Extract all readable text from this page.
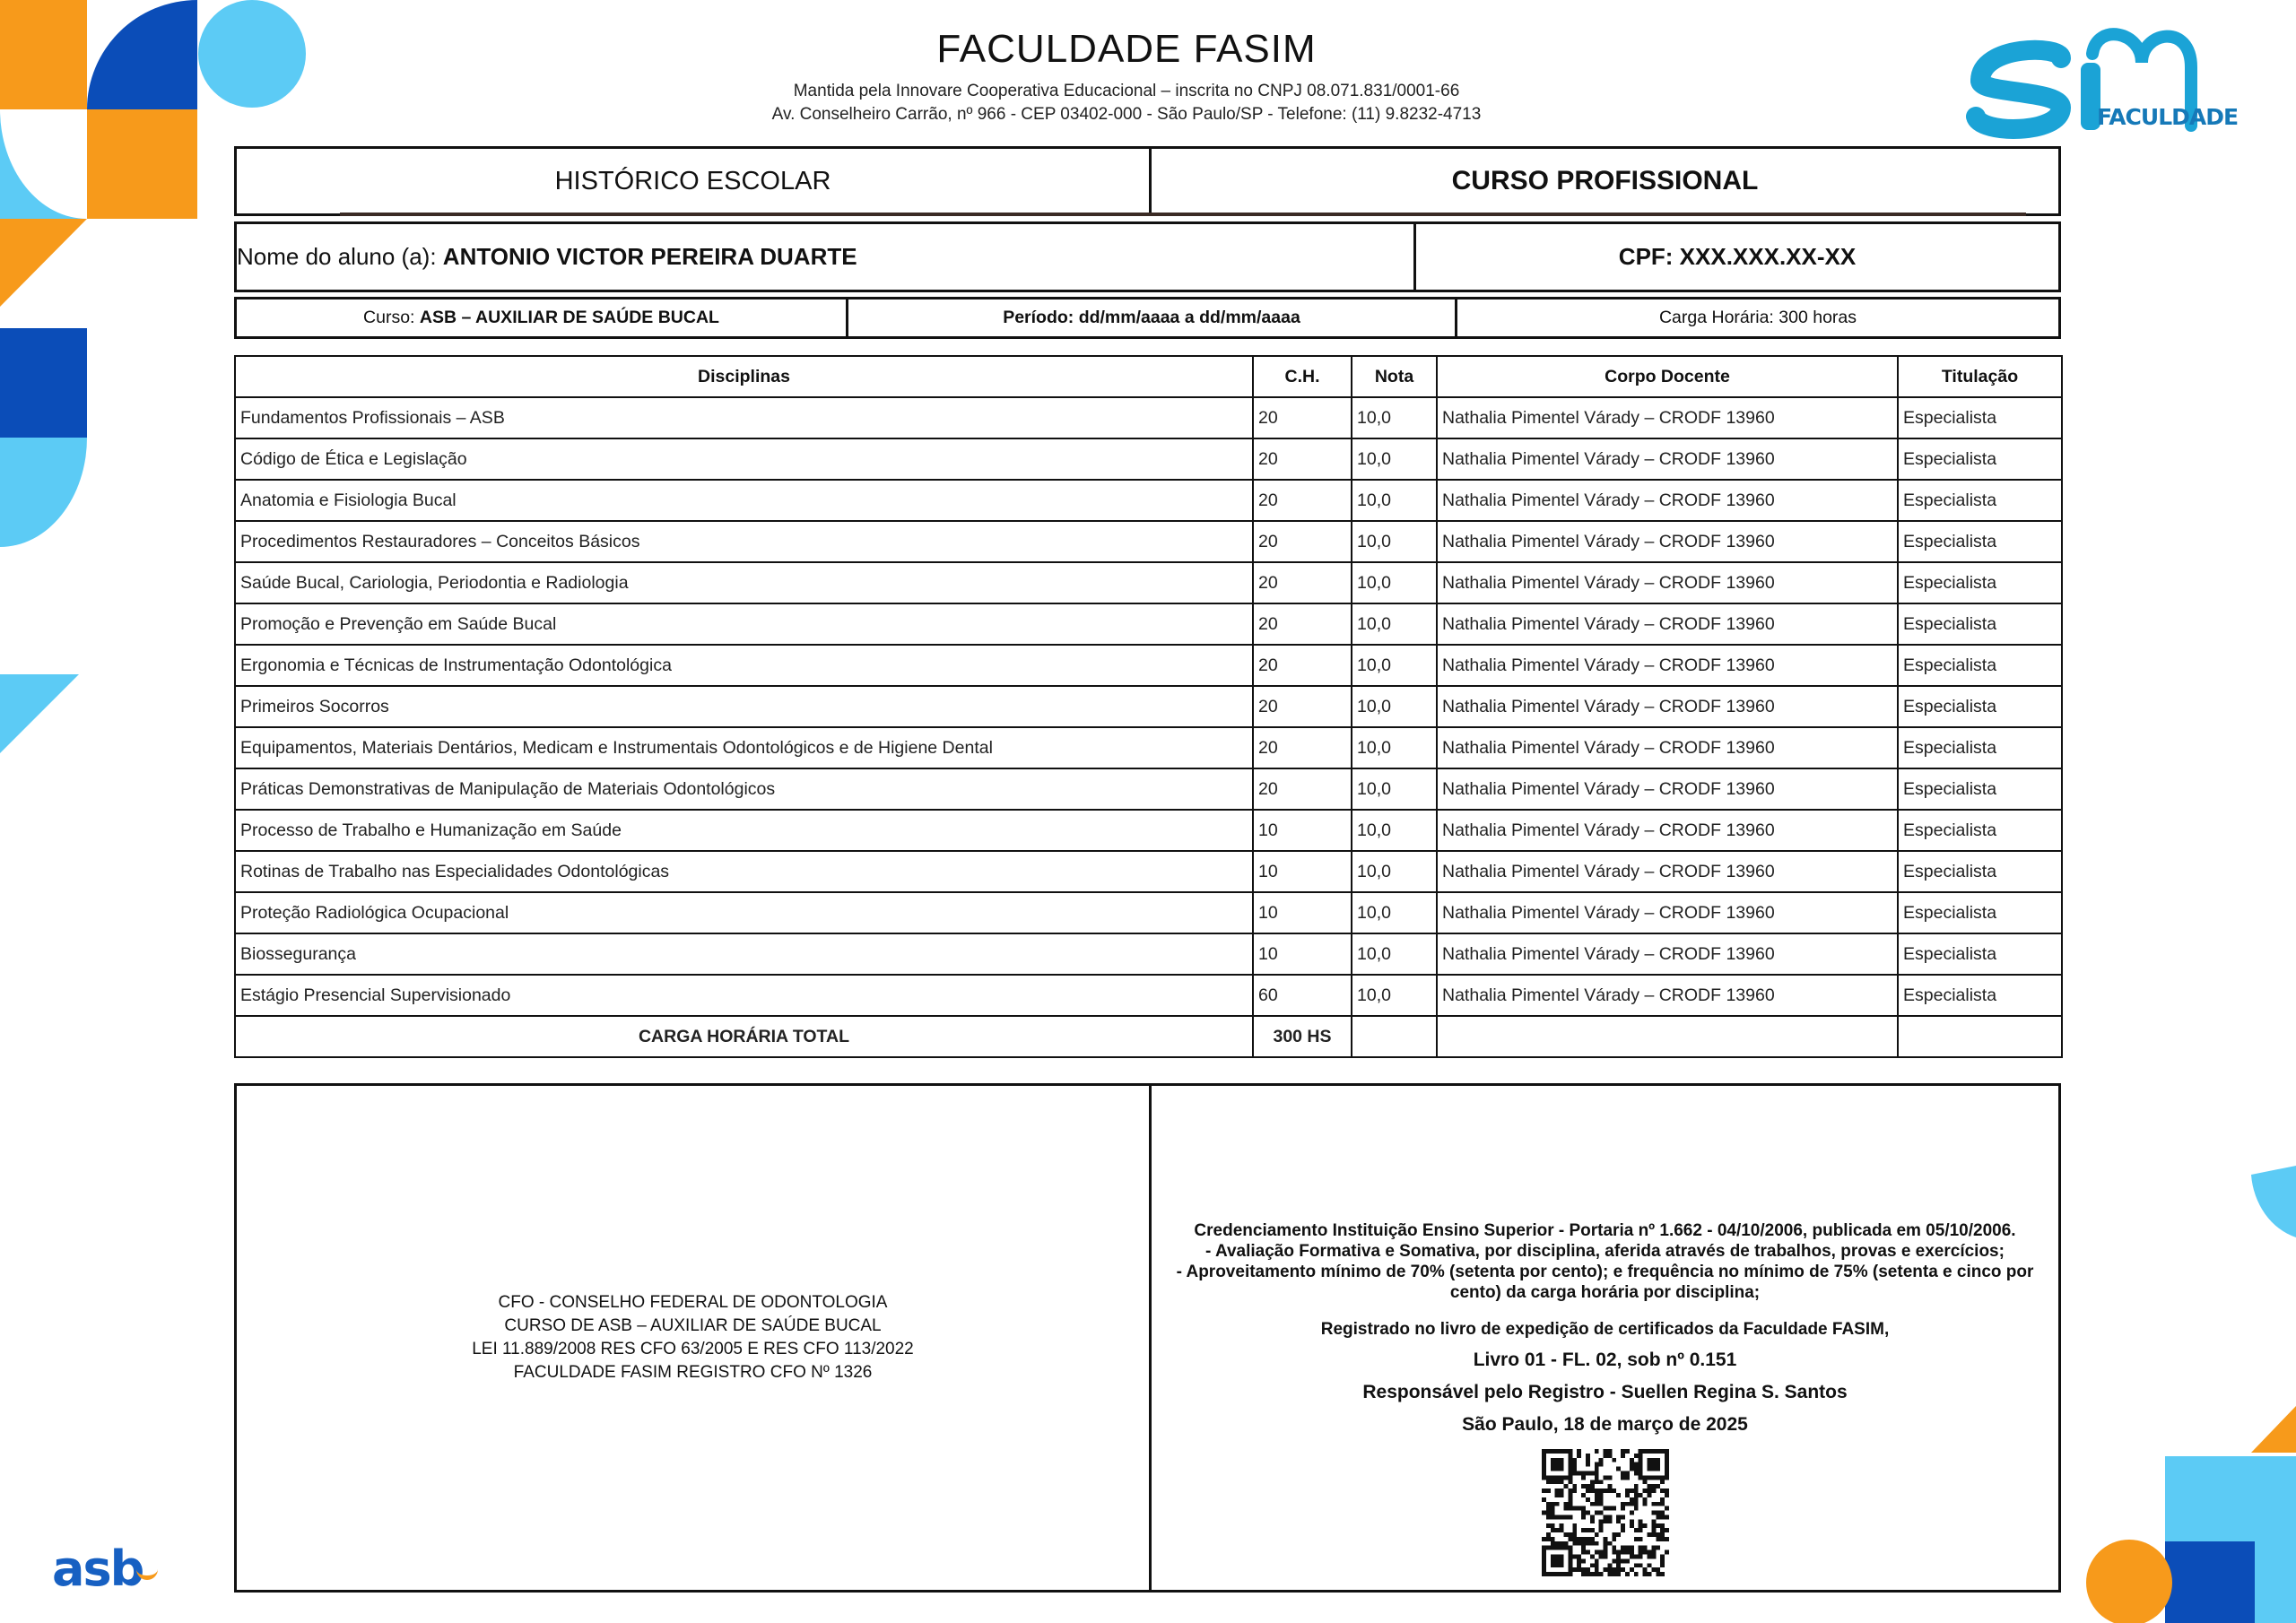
FACULDADE
asb
FACULDADE FASIM
Mantida pela Innovare Cooperativa Educacional – inscrita no CNPJ 08.071.831/0001-66
Av. Conselheiro Carrão, nº 966 - CEP 03402-000 - São Paulo/SP - Telefone: (11) 9.8232-4713
HISTÓRICO ESCOLAR	CURSO PROFISSIONAL
Nome do aluno (a): ANTONIO VICTOR PEREIRA DUARTE	CPF: XXX.XXX.XX-XX
Curso: ASB – AUXILIAR DE SAÚDE BUCAL	Período: dd/mm/aaaa a dd/mm/aaaa	Carga Horária: 300 horas
Disciplinas	C.H.	Nota	Corpo Docente	Titulação
Fundamentos Profissionais – ASB	20	10,0	Nathalia Pimentel Várady – CRODF 13960	Especialista
Código de Ética e Legislação	20	10,0	Nathalia Pimentel Várady – CRODF 13960	Especialista
Anatomia e Fisiologia Bucal	20	10,0	Nathalia Pimentel Várady – CRODF 13960	Especialista
Procedimentos Restauradores – Conceitos Básicos	20	10,0	Nathalia Pimentel Várady – CRODF 13960	Especialista
Saúde Bucal, Cariologia, Periodontia e Radiologia	20	10,0	Nathalia Pimentel Várady – CRODF 13960	Especialista
Promoção e Prevenção em Saúde Bucal	20	10,0	Nathalia Pimentel Várady – CRODF 13960	Especialista
Ergonomia e Técnicas de Instrumentação Odontológica	20	10,0	Nathalia Pimentel Várady – CRODF 13960	Especialista
Primeiros Socorros	20	10,0	Nathalia Pimentel Várady – CRODF 13960	Especialista
Equipamentos, Materiais Dentários, Medicam e Instrumentais Odontológicos e de Higiene Dental	20	10,0	Nathalia Pimentel Várady – CRODF 13960	Especialista
Práticas Demonstrativas de Manipulação de Materiais Odontológicos	20	10,0	Nathalia Pimentel Várady – CRODF 13960	Especialista
Processo de Trabalho e Humanização em Saúde	10	10,0	Nathalia Pimentel Várady – CRODF 13960	Especialista
Rotinas de Trabalho nas Especialidades Odontológicas	10	10,0	Nathalia Pimentel Várady – CRODF 13960	Especialista
Proteção Radiológica Ocupacional	10	10,0	Nathalia Pimentel Várady – CRODF 13960	Especialista
Biossegurança	10	10,0	Nathalia Pimentel Várady – CRODF 13960	Especialista
Estágio Presencial Supervisionado	60	10,0	Nathalia Pimentel Várady – CRODF 13960	Especialista
CARGA HORÁRIA TOTAL	300 HS			
CFO - CONSELHO FEDERAL DE ODONTOLOGIA
CURSO DE ASB – AUXILIAR DE SAÚDE BUCAL
LEI 11.889/2008 RES CFO 63/2005 E RES CFO 113/2022
FACULDADE FASIM REGISTRO CFO Nº 1326
Credenciamento Instituição Ensino Superior - Portaria nº 1.662 - 04/10/2006, publicada em 05/10/2006.
- Avaliação Formativa e Somativa, por disciplina, aferida através de trabalhos, provas e exercícios;
- Aproveitamento mínimo de 70% (setenta por cento); e frequência no mínimo de 75% (setenta e cinco por cento) da carga horária por disciplina;
Registrado no livro de expedição de certificados da Faculdade FASIM,
Livro 01 - FL. 02, sob nº 0.151
Responsável pelo Registro - Suellen Regina S. Santos
São Paulo, 18 de março de 2025
